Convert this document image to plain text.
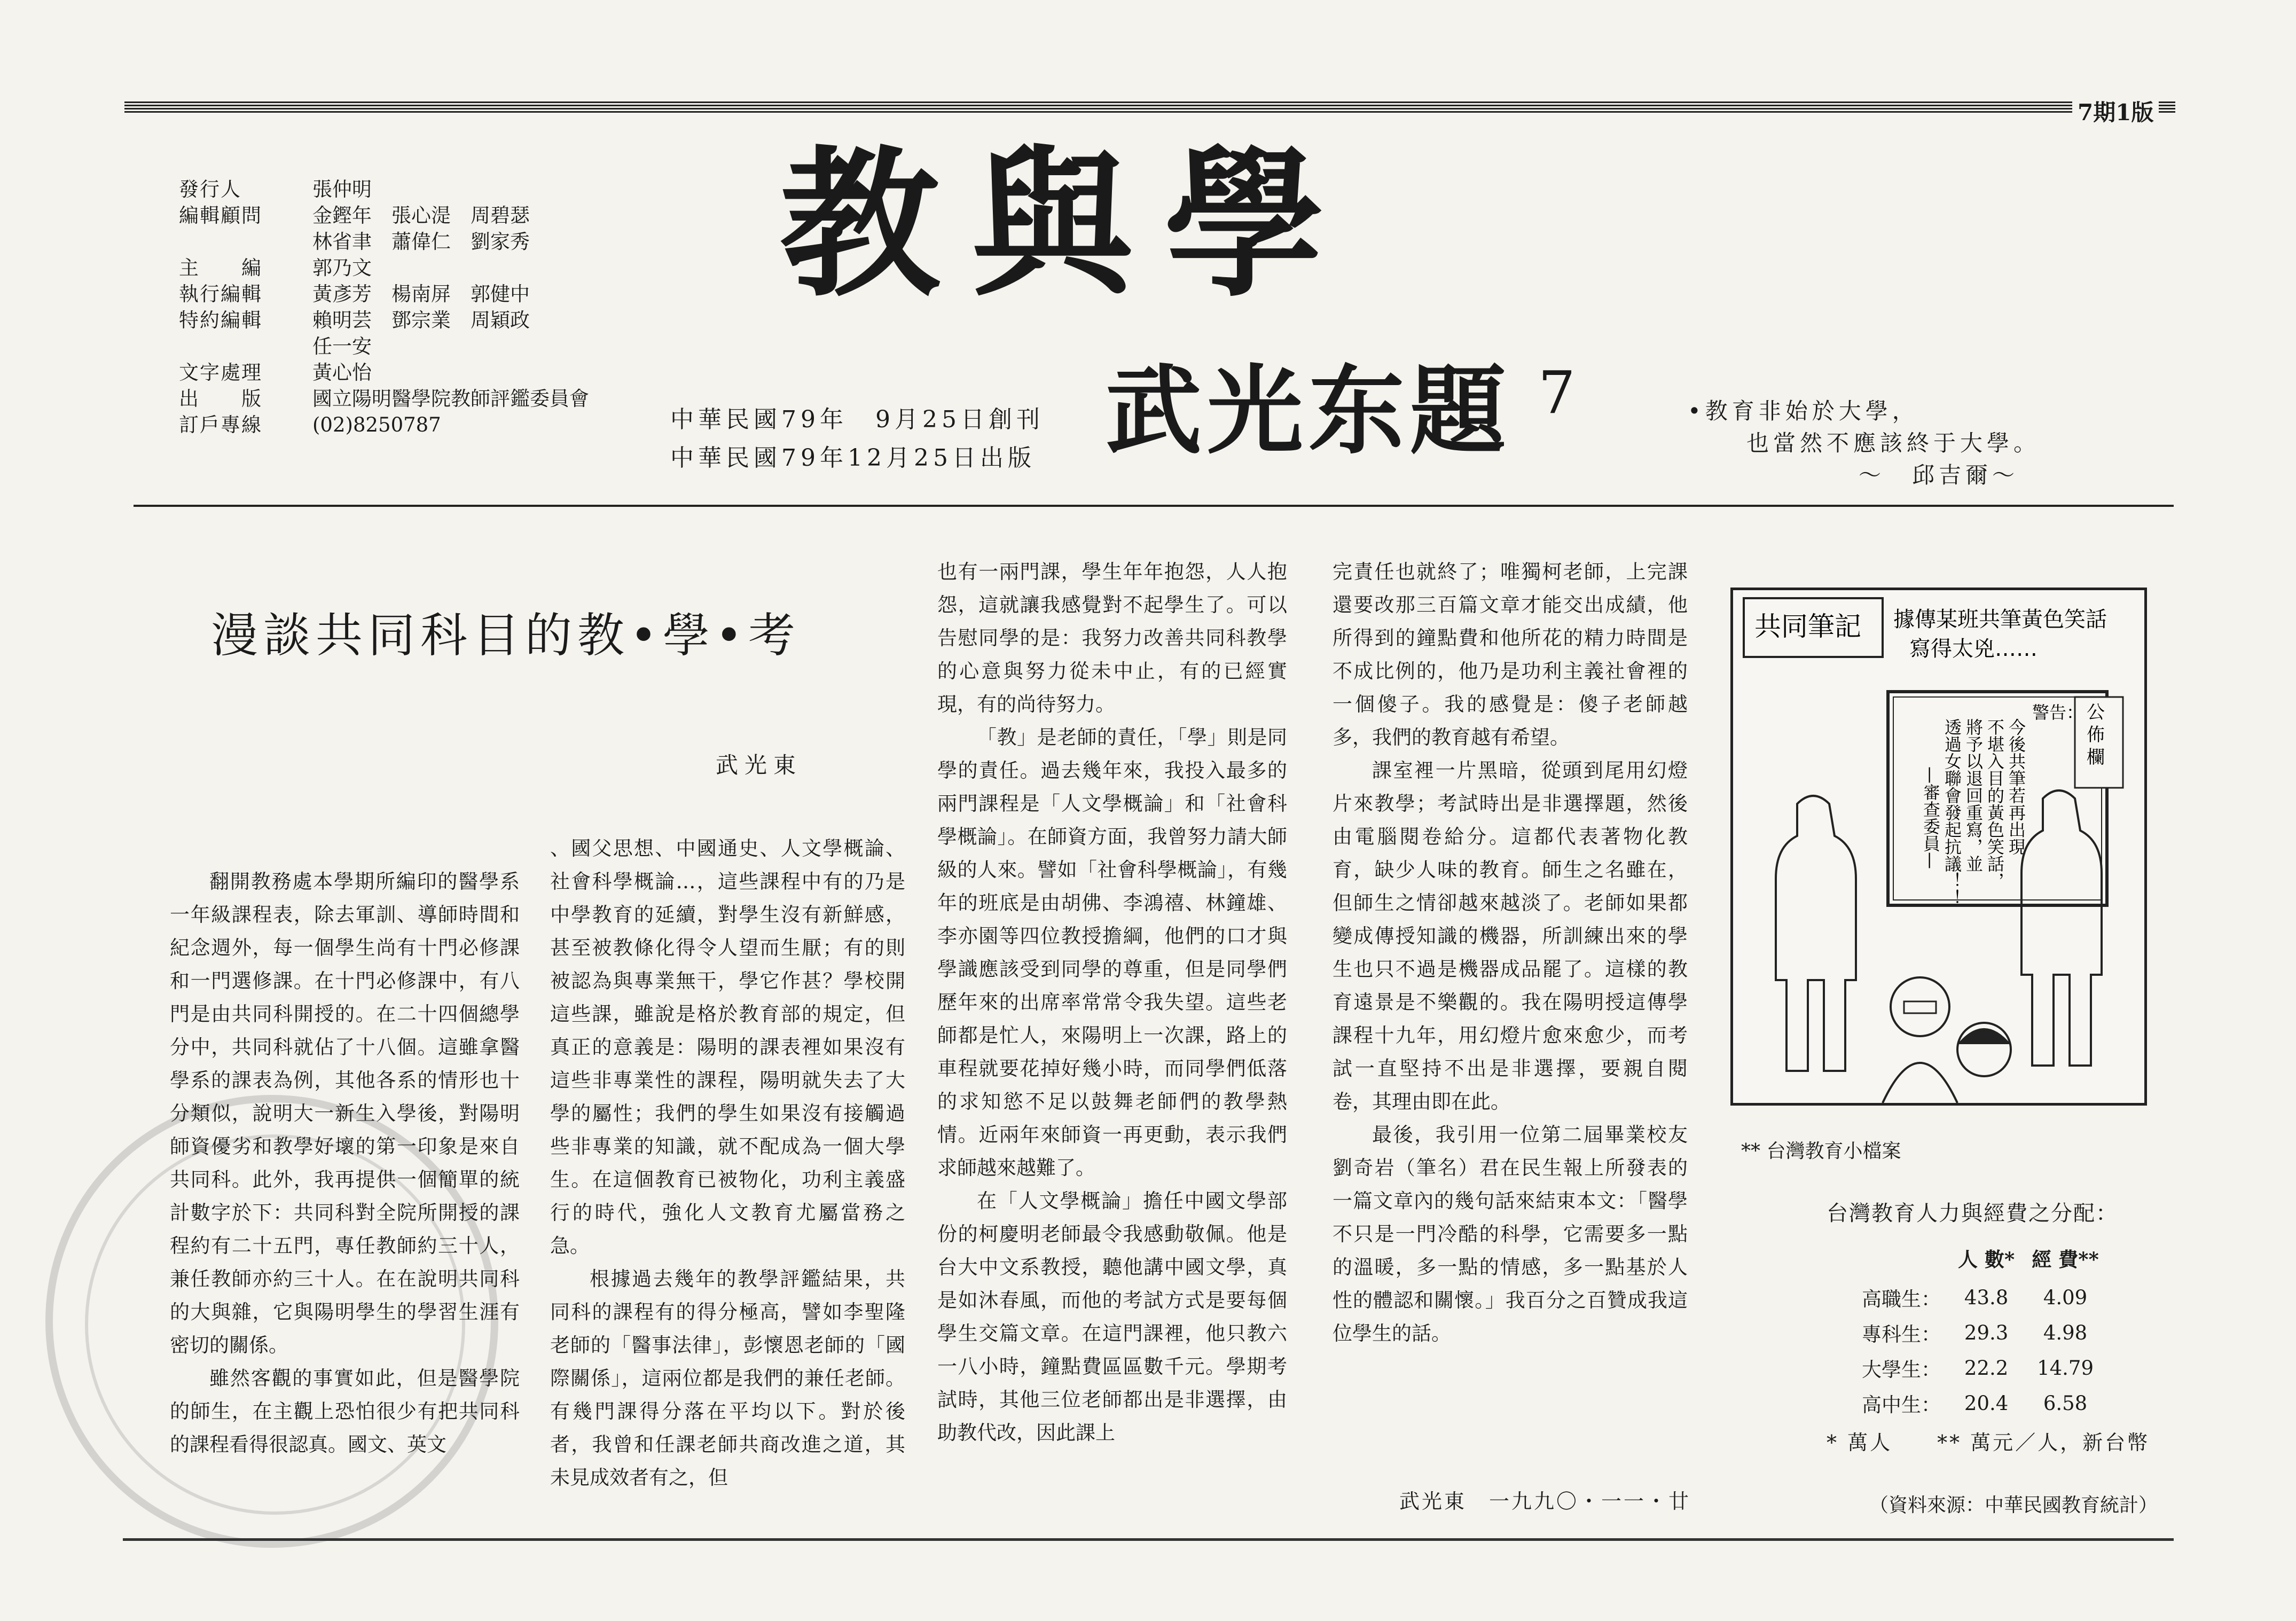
7期1版
發行人	張仲明
編輯顧問	金鏗年　張心湜　周碧瑟
林省聿　蕭偉仁　劉家秀
主　　編	郭乃文
執行編輯	黃彥芳　楊南屏　郭健中
特約編輯	賴明芸　鄧宗業　周穎政
任一安
文字處理	黃心怡
出　　版	國立陽明醫學院教師評鑑委員會
訂戶專線	(02)8250787
教與學
武光东題 7
中華民國79年　9月25日創刊
中華民國79年12月25日出版
•教育非始於大學，
也當然不應該終于大學。
～　邱吉爾～
漫談共同科目的教•學•考
武光東

翻開教務處本學期所編印的醫學系一年級課程表，除去軍訓、導師時間和紀念週外，每一個學生尚有十門必修課和一門選修課。在十門必修課中，有八門是由共同科開授的。在二十四個總學分中，共同科就佔了十八個。這雖拿醫學系的課表為例，其他各系的情形也十分類似，說明大一新生入學後，對陽明師資優劣和教學好壞的第一印象是來自共同科。此外，我再提供一個簡單的統計數字於下：共同科對全院所開授的課程約有二十五門，專任教師約三十人，兼任教師亦約三十人。在在說明共同科的大與雜，它與陽明學生的學習生涯有密切的關係。

雖然客觀的事實如此，但是醫學院的師生，在主觀上恐怕很少有把共同科的課程看得很認真。國文、英文

、國父思想、中國通史、人文學概論、社會科學概論…，這些課程中有的乃是中學教育的延續，對學生沒有新鮮感，甚至被教條化得令人望而生厭；有的則被認為與專業無干，學它作甚？學校開這些課，雖說是格於教育部的規定，但真正的意義是：陽明的課表裡如果沒有這些非專業性的課程，陽明就失去了大學的屬性；我們的學生如果沒有接觸過些非專業的知識，就不配成為一個大學生。在這個教育已被物化，功利主義盛行的時代，強化人文教育尤屬當務之急。

根據過去幾年的教學評鑑結果，共同科的課程有的得分極高，譬如李聖隆老師的「醫事法律」，彭懷恩老師的「國際關係」，這兩位都是我們的兼任老師。有幾門課得分落在平均以下。對於後者，我曾和任課老師共商改進之道，其未見成效者有之，但

也有一兩門課，學生年年抱怨，人人抱怨，這就讓我感覺對不起學生了。可以告慰同學的是：我努力改善共同科教學的心意與努力從未中止，有的已經實現，有的尚待努力。

「教」是老師的責任，「學」則是同學的責任。過去幾年來，我投入最多的兩門課程是「人文學概論」和「社會科學概論」。在師資方面，我曾努力請大師級的人來。譬如「社會科學概論」，有幾年的班底是由胡佛、李鴻禧、林鐘雄、李亦園等四位教授擔綱，他們的口才與學識應該受到同學的尊重，但是同學們歷年來的出席率常常令我失望。這些老師都是忙人，來陽明上一次課，路上的車程就要花掉好幾小時，而同學們低落的求知慾不足以鼓舞老師們的教學熱情。近兩年來師資一再更動，表示我們求師越來越難了。

在「人文學概論」擔任中國文學部份的柯慶明老師最令我感動敬佩。他是台大中文系教授，聽他講中國文學，真是如沐春風，而他的考試方式是要每個學生交篇文章。在這門課裡，他只教六一八小時，鐘點費區區數千元。學期考試時，其他三位老師都出是非選擇，由助教代改，因此課上

完責任也就終了；唯獨柯老師，上完課還要改那三百篇文章才能交出成績，他所得到的鐘點費和他所花的精力時間是不成比例的，他乃是功利主義社會裡的一個傻子。我的感覺是：傻子老師越多，我們的教育越有希望。

課室裡一片黑暗，從頭到尾用幻燈片來教學；考試時出是非選擇題，然後由電腦閱卷給分。這都代表著物化教育，缺少人味的教育。師生之名雖在，但師生之情卻越來越淡了。老師如果都變成傳授知識的機器，所訓練出來的學生也只不過是機器成品罷了。這樣的教育遠景是不樂觀的。我在陽明授這傳學課程十九年，用幻燈片愈來愈少，而考試一直堅持不出是非選擇，要親自閱卷，其理由即在此。

最後，我引用一位第二屆畢業校友劉奇岩（筆名）君在民生報上所發表的一篇文章內的幾句話來結束本文：「醫學不只是一門冷酷的科學，它需要多一點的溫暖，多一點的情感，多一點基於人性的體認和關懷。」我百分之百贊成我這位學生的話。

武光東　一九九〇・一一・廿
共同筆記 據傳某班共筆黃色笑話 寫得太兇……
公佈欄
警告：
今後共筆若再出現
不堪入目的黃色笑話，
將予以退回重寫，並
透過女聯會發起抗議！！
—審查委員—
** 台灣教育小檔案
台灣教育人力與經費之分配：
	人 數*	經 費**
高職生：	43.8	4.09
專科生：	29.3	4.98
大學生：	22.2	14.79
高中生：	20.4	6.58
* 萬人　　** 萬元／人，新台幣
（資料來源：中華民國教育統計）
